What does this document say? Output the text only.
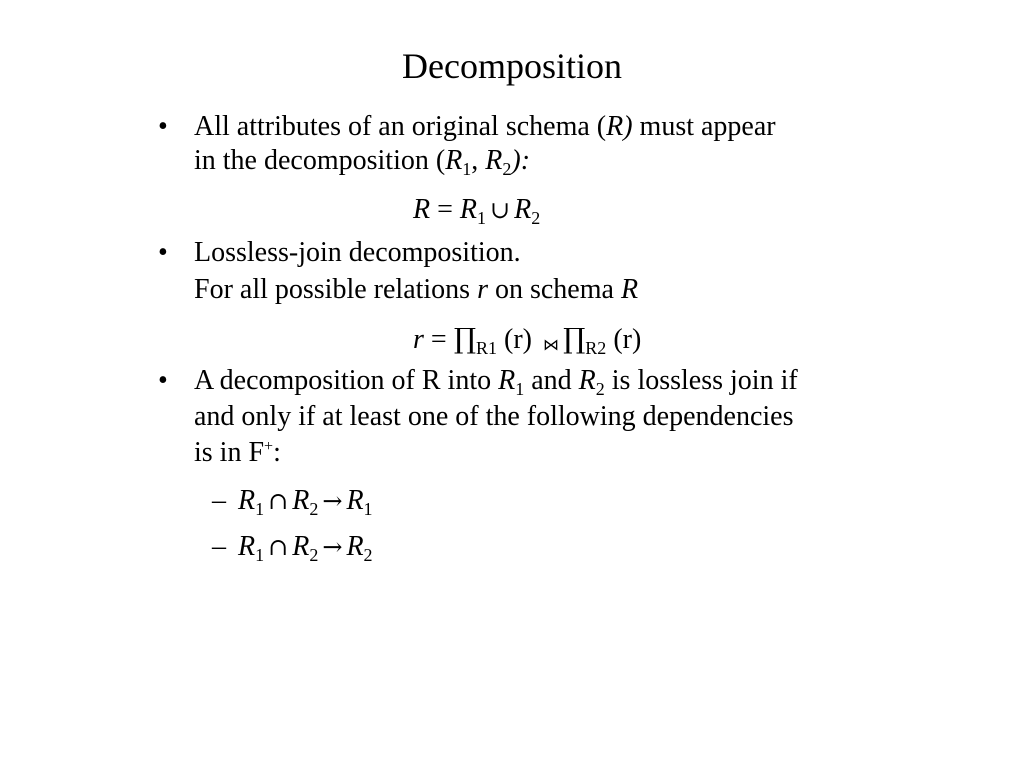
Decomposition
• All attributes of an original schema (R) must appear
in the decomposition ($R_1$, $R_2$):
$R = R_1$ ∪ $R_2$
• Lossless-join decomposition.
For all possible relations r on schema R
$r = \prod_{R1}$ (r) ⋈ $\prod_{R2}$ (r)
• A decomposition of R into $R_1$ and $R_2$ is lossless join if
and only if at least one of the following dependencies
is in F+:
– $R_1$ ∩ $R_2 \to R_1$
– $R_1$ ∩ $R_2 \to R_2$
